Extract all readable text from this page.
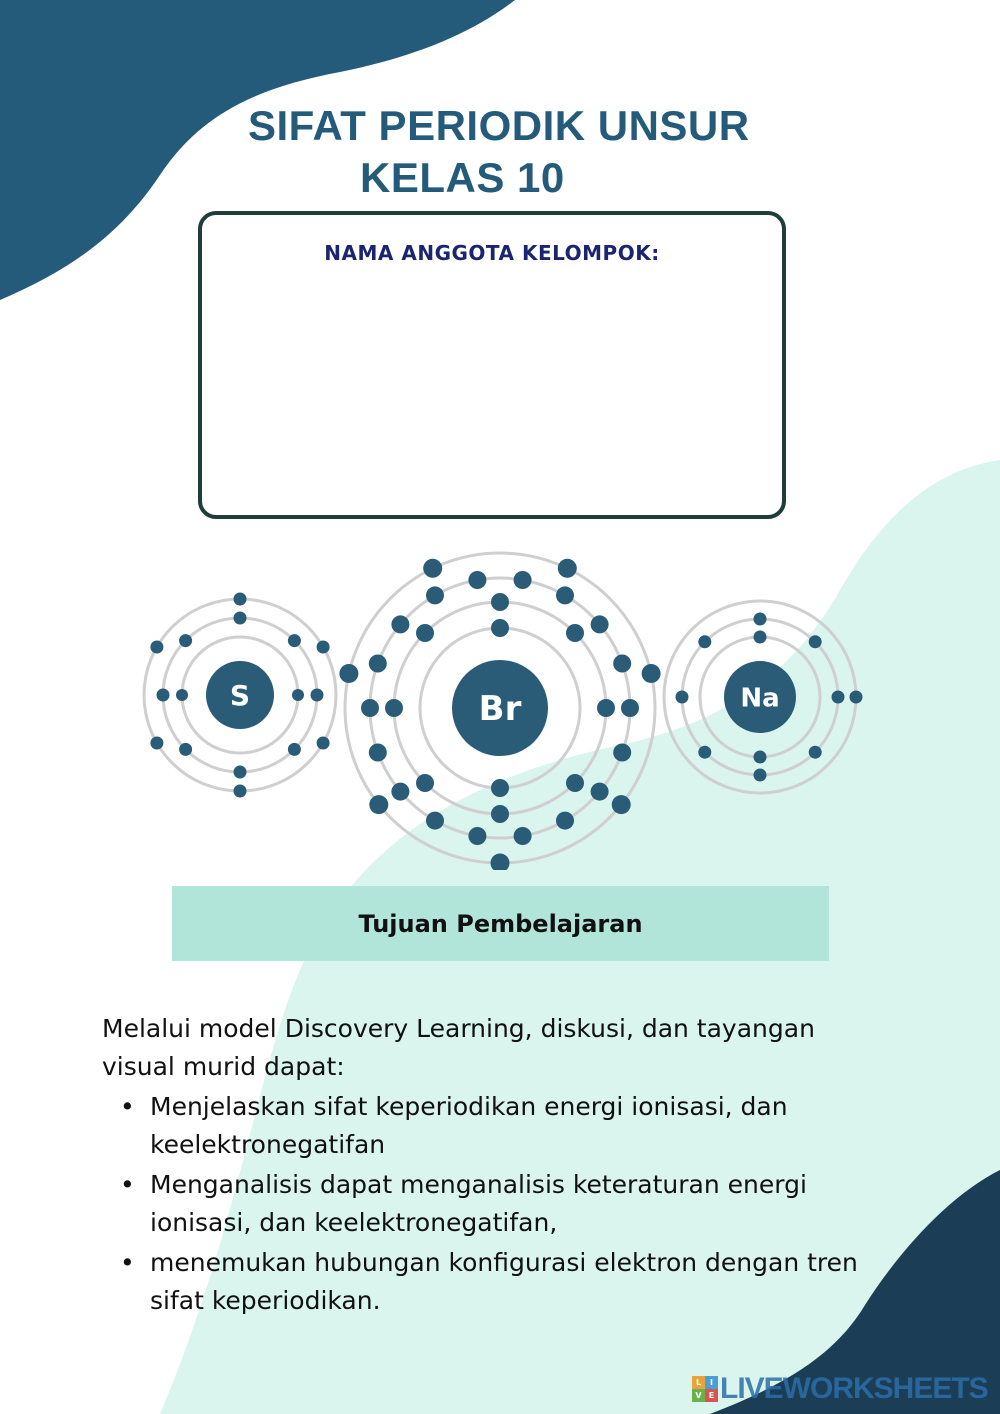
SIFAT PERIODIK UNSUR
KELAS 10
NAMA ANGGOTA KELOMPOK:
S	Br	Na
Tujuan Pembelajaran
Melalui model Discovery Learning, diskusi, dan tayangan visual murid dapat:
• Menjelaskan sifat keperiodikan energi ionisasi, dan keelektronegatifan
• Menganalisis dapat menganalisis keteraturan energi ionisasi, dan keelektronegatifan,
• menemukan hubungan konfigurasi elektron dengan tren sifat keperiodikan.
L	I
V E LIVEWORKSHEETS
